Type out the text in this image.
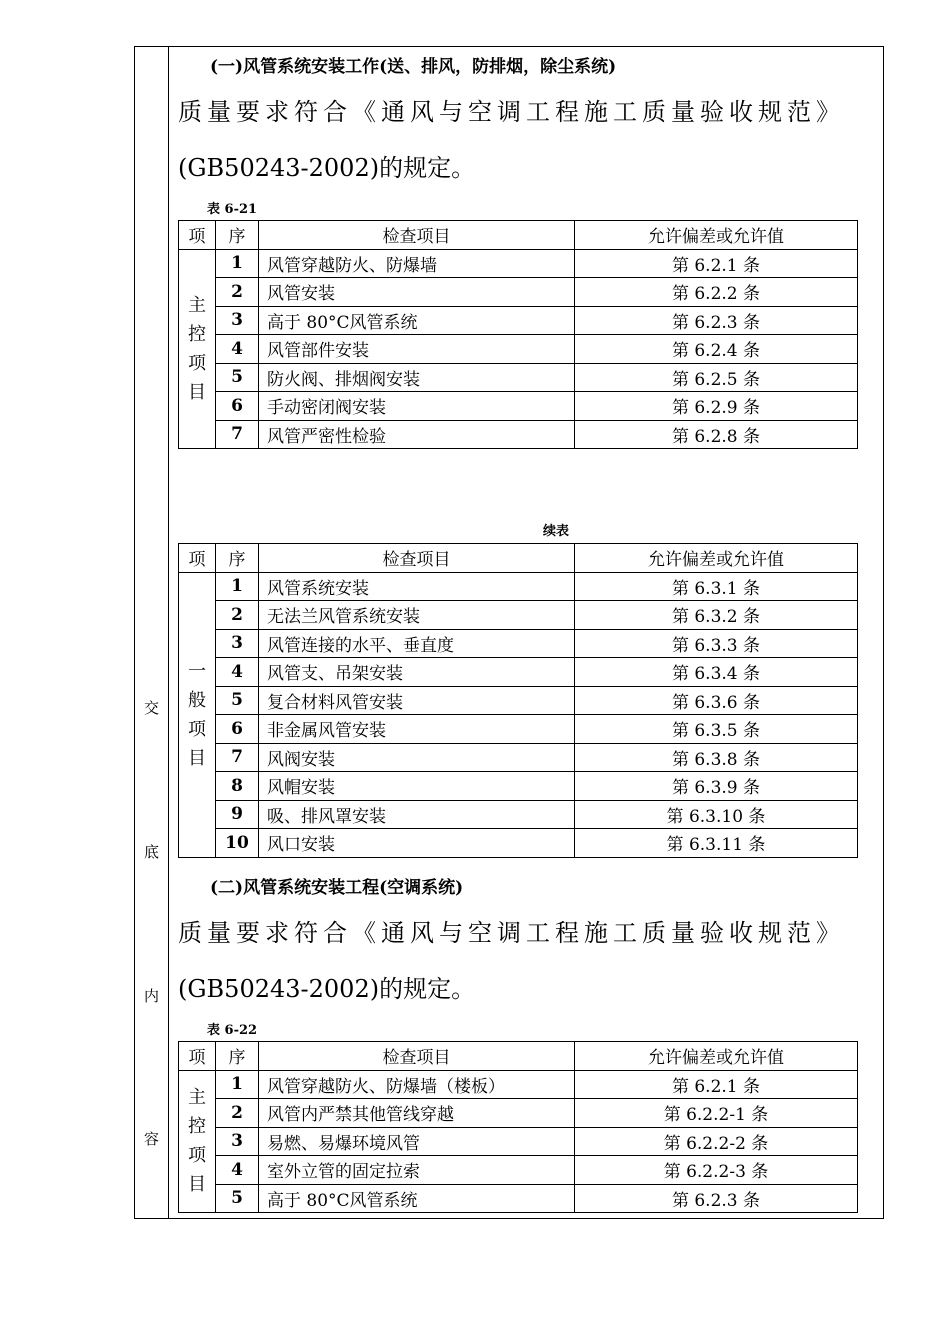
交
底
内
容
(一)风管系统安装工作(送、排风，防排烟，除尘系统)
质量要求符合《通风与空调工程施工质量验收规范》
(GB50243-2002)的规定。
表 6-21
项	序	检查项目	允许偏差或允许值
主控项目	1	风管穿越防火、防爆墙	第 6.2.1 条
	2	风管安装	第 6.2.2 条
	3	高于 80°C风管系统	第 6.2.3 条
	4	风管部件安装	第 6.2.4 条
	5	防火阀、排烟阀安装	第 6.2.5 条
	6	手动密闭阀安装	第 6.2.9 条
	7	风管严密性检验	第 6.2.8 条
续表
项	序	检查项目	允许偏差或允许值
一般项目	1	风管系统安装	第 6.3.1 条
	2	无法兰风管系统安装	第 6.3.2 条
	3	风管连接的水平、垂直度	第 6.3.3 条
	4	风管支、吊架安装	第 6.3.4 条
	5	复合材料风管安装	第 6.3.6 条
	6	非金属风管安装	第 6.3.5 条
	7	风阀安装	第 6.3.8 条
	8	风帽安装	第 6.3.9 条
	9	吸、排风罩安装	第 6.3.10 条
	10	风口安装	第 6.3.11 条
(二)风管系统安装工程(空调系统)
质量要求符合《通风与空调工程施工质量验收规范》
(GB50243-2002)的规定。
表 6-22
项	序	检查项目	允许偏差或允许值
主控项目	1	风管穿越防火、防爆墙（楼板）	第 6.2.1 条
	2	风管内严禁其他管线穿越	第 6.2.2-1 条
	3	易燃、易爆环境风管	第 6.2.2-2 条
	4	室外立管的固定拉索	第 6.2.2-3 条
	5	高于 80°C风管系统	第 6.2.3 条
